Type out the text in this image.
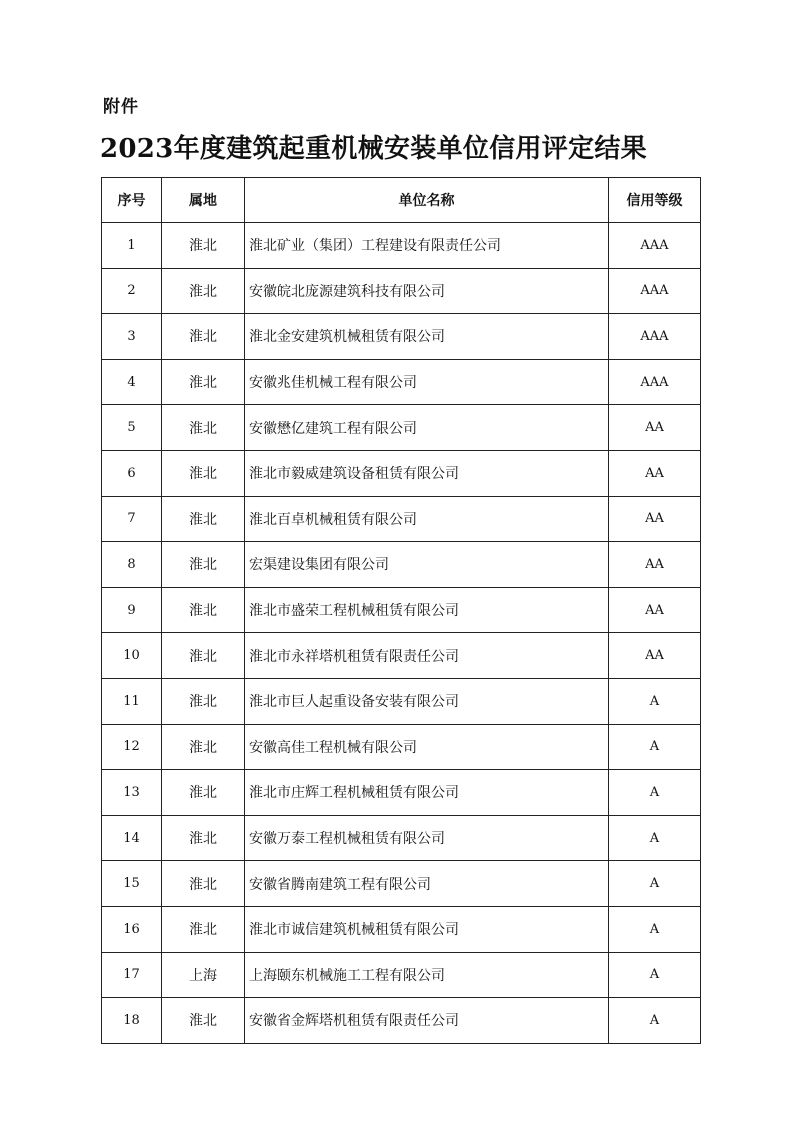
附件
2023年度建筑起重机械安装单位信用评定结果
序号	属地	单位名称	信用等级
1	淮北	淮北矿业（集团）工程建设有限责任公司	AAA
2	淮北	安徽皖北庞源建筑科技有限公司	AAA
3	淮北	淮北金安建筑机械租赁有限公司	AAA
4	淮北	安徽兆佳机械工程有限公司	AAA
5	淮北	安徽懋亿建筑工程有限公司	AA
6	淮北	淮北市毅威建筑设备租赁有限公司	AA
7	淮北	淮北百卓机械租赁有限公司	AA
8	淮北	宏渠建设集团有限公司	AA
9	淮北	淮北市盛荣工程机械租赁有限公司	AA
10	淮北	淮北市永祥塔机租赁有限责任公司	AA
11	淮北	淮北市巨人起重设备安装有限公司	A
12	淮北	安徽高佳工程机械有限公司	A
13	淮北	淮北市庄辉工程机械租赁有限公司	A
14	淮北	安徽万泰工程机械租赁有限公司	A
15	淮北	安徽省腾南建筑工程有限公司	A
16	淮北	淮北市诚信建筑机械租赁有限公司	A
17	上海	上海颐东机械施工工程有限公司	A
18	淮北	安徽省金辉塔机租赁有限责任公司	A
